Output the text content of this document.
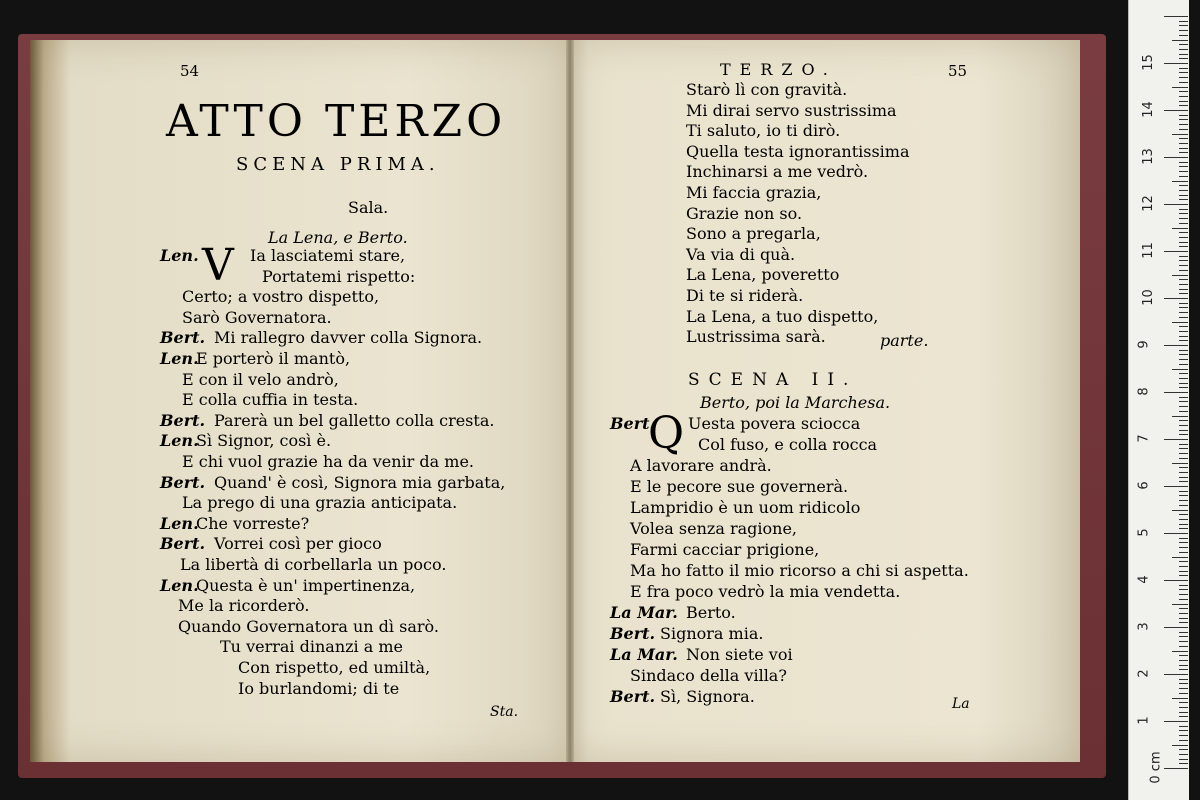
54
ATTO TERZO
SCENA PRIMA.
Sala.
La Lena, e Berto.
V
Len.	Ia lasciatemi stare,
Portatemi rispetto:
Certo; a vostro dispetto,
Sarò Governatora.
Bert. Mi rallegro davver colla Signora.
Len.
E porterò il mantò,
E con il velo andrò,
E colla cuffia in testa.
Bert. Parerà un bel galletto colla cresta.
Len.
Sì Signor, così è.
E chi vuol grazie ha da venir da me.
Bert. Quand' è così, Signora mia garbata,
La prego di una grazia anticipata.
Len.
Che vorreste?
Bert. Vorrei così per gioco
La libertà di corbellarla un poco.
Len.
Questa è un' impertinenza,
Me la ricorderò.
Quando Governatora un dì sarò.
Tu verrai dinanzi a me
Con rispetto, ed umiltà,
Io burlandomi; di te
Sta.
TERZO.	55
Starò lì con gravità.
Mi dirai servo sustrissima
Ti saluto, io ti dirò.
Quella testa ignorantissima
Inchinarsi a me vedrò.
Mi faccia grazia,
Grazie non so.
Sono a pregarla,
Va via di quà.
La Lena, poveretto
Di te si riderà.
La Lena, a tuo dispetto,
Lustrissima sarà.	parte.
SCENA II.
Berto, poi la Marchesa.
Q
Bert.	Uesta povera sciocca
Col fuso, e colla rocca
A lavorare andrà.
E le pecore sue governerà.
Lampridio è un uom ridicolo
Volea senza ragione,
Farmi cacciar prigione,
Ma ho fatto il mio ricorso a chi si aspetta.
E fra poco vedrò la mia vendetta.
La Mar. Berto.
Bert. Signora mia.
La Mar. Non siete voi
Sindaco della villa?
Bert. Sì, Signora.	La
0 cm
1
2
3
4
5
6
7
8
9
10
11
12
13
14
15
